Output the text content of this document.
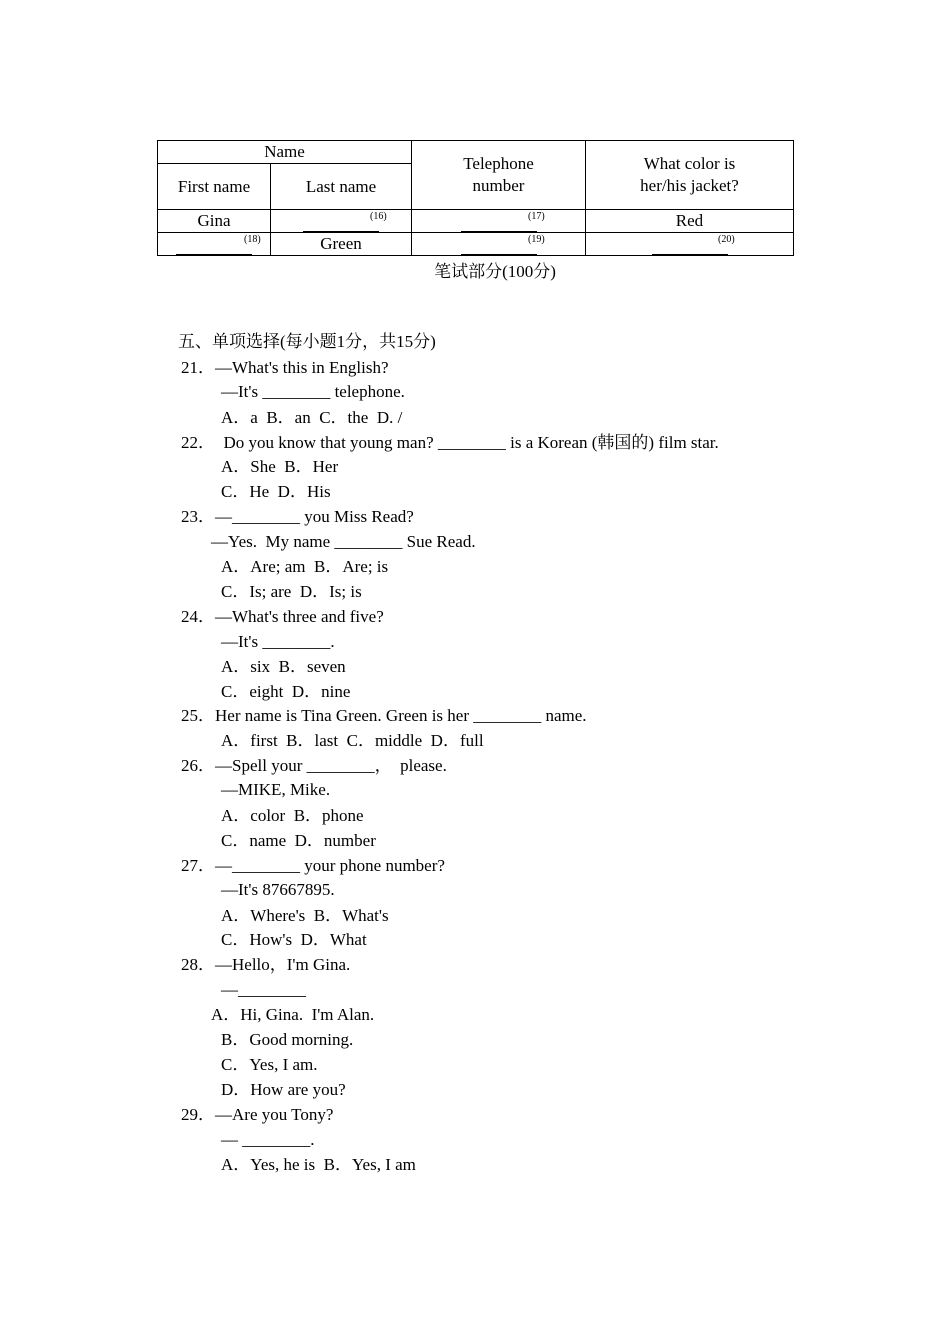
Name		Telephone number	What color is her/his jacket?

First name	Last name		
Gina	(16)	(17)	Red

(18)	Green	(19)	(20)
笔试部分(100分)
五、单项选择(每小题1分，共15分)
21．—What's this in English?
—It's ________ telephone.
A．a  B．an  C．the  D. /
22．  Do you know that young man? ________ is a Korean (韩国的) film star.
A．She  B．Her
C．He  D．His
23．—________ you Miss Read?
—Yes.  My name ________ Sue Read.
A．Are; am  B．Are; is
C．Is; are  D．Is; is
24．—What's three and five?
—It's ________.
A．six  B．seven
C．eight  D．nine
25．Her name is Tina Green. Green is her ________ name.
A．first  B．last  C．middle  D．full
26．—Spell your ________，  please.
—MIKE, Mike.
A．color  B．phone
C．name  D．number
27．—________ your phone number?
—It's 87667895.
A．Where's  B．What's
C．How's  D．What
28．—Hello，I'm Gina.
—________
A．Hi, Gina.  I'm Alan.
B．Good morning.
C．Yes, I am.
D．How are you?
29．—Are you Tony?
— ________.
A．Yes, he is  B．Yes, I am
